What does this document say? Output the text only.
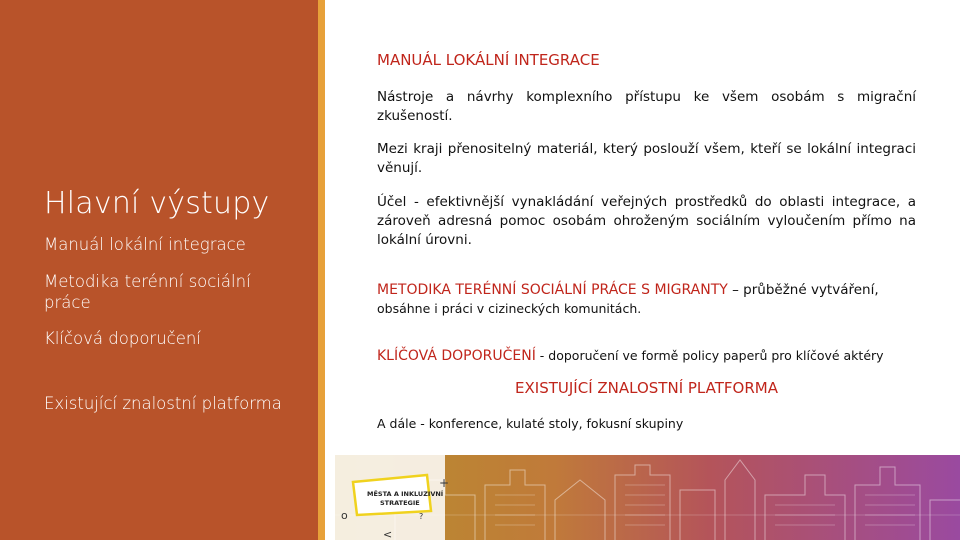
Hlavní výstupy
Manuál lokální integrace
Metodika terénní sociální práce
Klíčová doporučení
Existující znalostní platforma
MANUÁL LOKÁLNÍ INTEGRACE
Nástroje a návrhy komplexního přístupu ke všem osobám s migrační zkušeností.
Mezi kraji přenositelný materiál, který poslouží všem, kteří se lokální integraci věnují.
Účel - efektivnější vynakládání veřejných prostředků do oblasti integrace, a zároveň adresná pomoc osobám ohroženým sociálním vyloučením přímo na lokální úrovni.
METODIKA TERÉNNÍ SOCIÁLNÍ PRÁCE S MIGRANTY – průběžné vytváření,
obsáhne i práci v cizineckých komunitách.
KLÍČOVÁ DOPORUČENÍ - doporučení ve formě policy paperů pro klíčové aktéry
EXISTUJÍCÍ ZNALOSTNÍ PLATFORMA
A dále - konference, kulaté stoly, fokusní skupiny
MĚSTA A INKLUZIVNÍ
STRATEGIE
+
o	?
<
